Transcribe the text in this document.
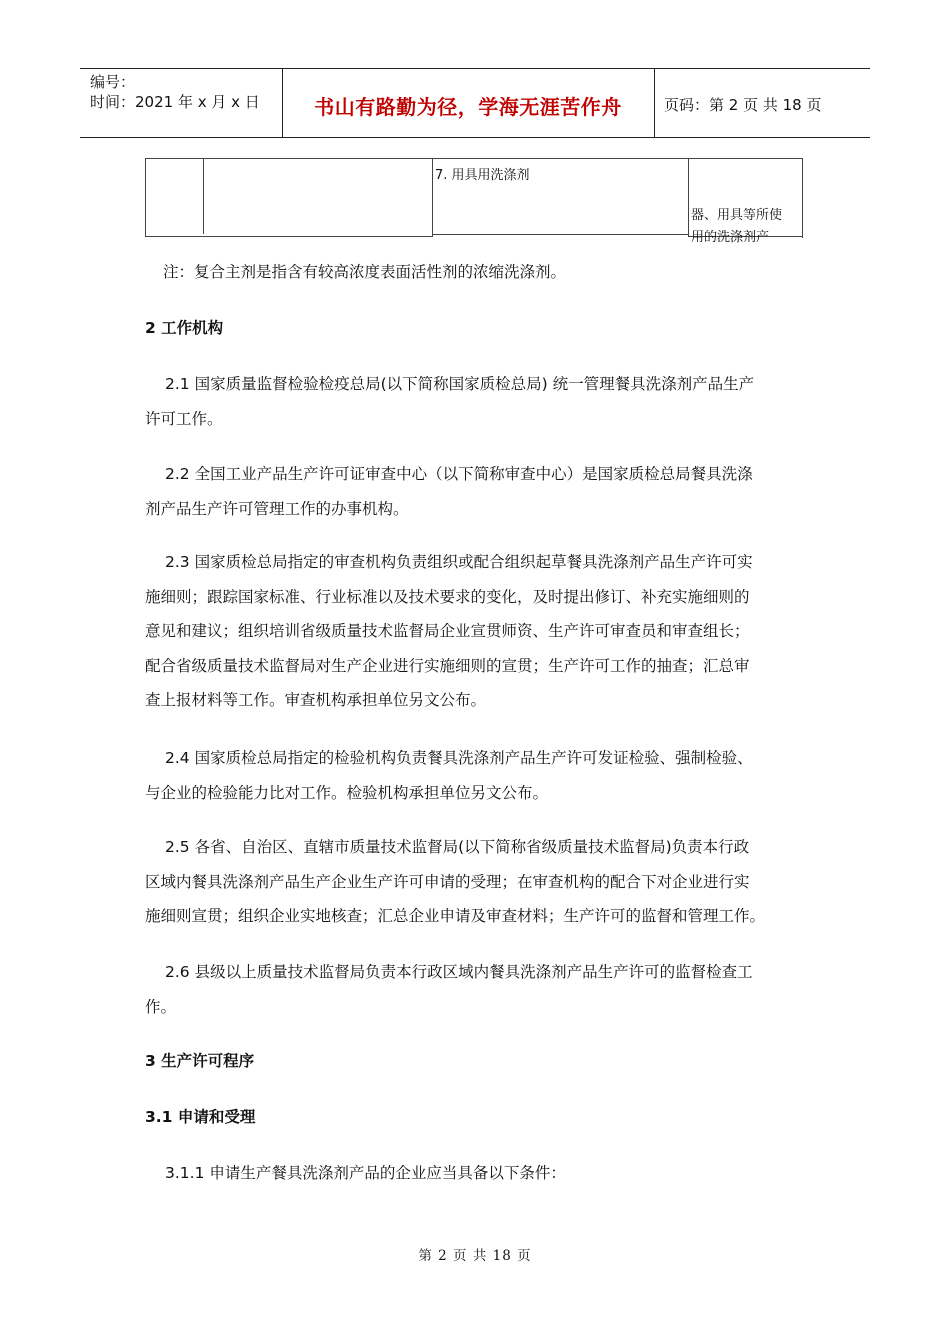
编号：
时间：2021 年 x 月 x 日	书山有路勤为径，学海无涯苦作舟	页码：第 2 页 共 18 页
7. 用具用洗涤剂
器、用具等所使
用的洗涤剂产
注：复合主剂是指含有较高浓度表面活性剂的浓缩洗涤剂。
2 工作机构

2.1 国家质量监督检验检疫总局(以下简称国家质检总局) 统一管理餐具洗涤剂产品生产

许可工作。

2.2 全国工业产品生产许可证审查中心（以下简称审查中心）是国家质检总局餐具洗涤

剂产品生产许可管理工作的办事机构。

2.3 国家质检总局指定的审查机构负责组织或配合组织起草餐具洗涤剂产品生产许可实

施细则；跟踪国家标准、行业标准以及技术要求的变化，及时提出修订、补充实施细则的

意见和建议；组织培训省级质量技术监督局企业宣贯师资、生产许可审查员和审查组长；

配合省级质量技术监督局对生产企业进行实施细则的宣贯；生产许可工作的抽查；汇总审

查上报材料等工作。审查机构承担单位另文公布。

2.4 国家质检总局指定的检验机构负责餐具洗涤剂产品生产许可发证检验、强制检验、

与企业的检验能力比对工作。检验机构承担单位另文公布。

2.5 各省、自治区、直辖市质量技术监督局(以下简称省级质量技术监督局)负责本行政

区域内餐具洗涤剂产品生产企业生产许可申请的受理；在审查机构的配合下对企业进行实

施细则宣贯；组织企业实地核查；汇总企业申请及审查材料；生产许可的监督和管理工作。

2.6 县级以上质量技术监督局负责本行政区域内餐具洗涤剂产品生产许可的监督检查工

作。

3 生产许可程序
3.1 申请和受理

3.1.1 申请生产餐具洗涤剂产品的企业应当具备以下条件：

第 2 页 共 18 页
